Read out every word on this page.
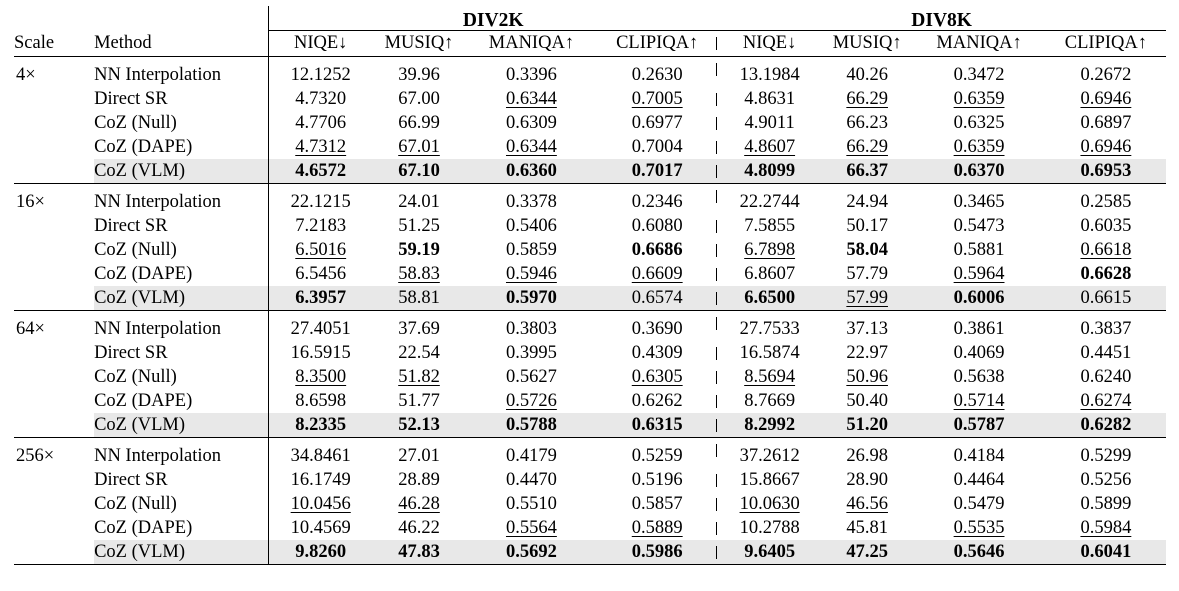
		DIV2K				DIV8K			
Scale	Method	NIQE↓	MUSIQ↑	MANIQA↑	CLIPIQA↑	NIQE↓	MUSIQ↑	MANIQA↑	CLIPIQA↑
4×	NN Interpolation	12.1252	39.96	0.3396	0.2630	13.1984	40.26	0.3472	0.2672
	Direct SR	4.7320	67.00	0.6344	0.7005	4.8631	66.29	0.6359	0.6946
	CoZ (Null)	4.7706	66.99	0.6309	0.6977	4.9011	66.23	0.6325	0.6897
	CoZ (DAPE)	4.7312	67.01	0.6344	0.7004	4.8607	66.29	0.6359	0.6946
	CoZ (VLM)	4.6572	67.10	0.6360	0.7017	4.8099	66.37	0.6370	0.6953
16×	NN Interpolation	22.1215	24.01	0.3378	0.2346	22.2744	24.94	0.3465	0.2585
	Direct SR	7.2183	51.25	0.5406	0.6080	7.5855	50.17	0.5473	0.6035
	CoZ (Null)	6.5016	59.19	0.5859	0.6686	6.7898	58.04	0.5881	0.6618
	CoZ (DAPE)	6.5456	58.83	0.5946	0.6609	6.8607	57.79	0.5964	0.6628
	CoZ (VLM)	6.3957	58.81	0.5970	0.6574	6.6500	57.99	0.6006	0.6615
64×	NN Interpolation	27.4051	37.69	0.3803	0.3690	27.7533	37.13	0.3861	0.3837
	Direct SR	16.5915	22.54	0.3995	0.4309	16.5874	22.97	0.4069	0.4451
	CoZ (Null)	8.3500	51.82	0.5627	0.6305	8.5694	50.96	0.5638	0.6240
	CoZ (DAPE)	8.6598	51.77	0.5726	0.6262	8.7669	50.40	0.5714	0.6274
	CoZ (VLM)	8.2335	52.13	0.5788	0.6315	8.2992	51.20	0.5787	0.6282
256×	NN Interpolation	34.8461	27.01	0.4179	0.5259	37.2612	26.98	0.4184	0.5299
	Direct SR	16.1749	28.89	0.4470	0.5196	15.8667	28.90	0.4464	0.5256
	CoZ (Null)	10.0456	46.28	0.5510	0.5857	10.0630	46.56	0.5479	0.5899
	CoZ (DAPE)	10.4569	46.22	0.5564	0.5889	10.2788	45.81	0.5535	0.5984
	CoZ (VLM)	9.8260	47.83	0.5692	0.5986	9.6405	47.25	0.5646	0.6041
